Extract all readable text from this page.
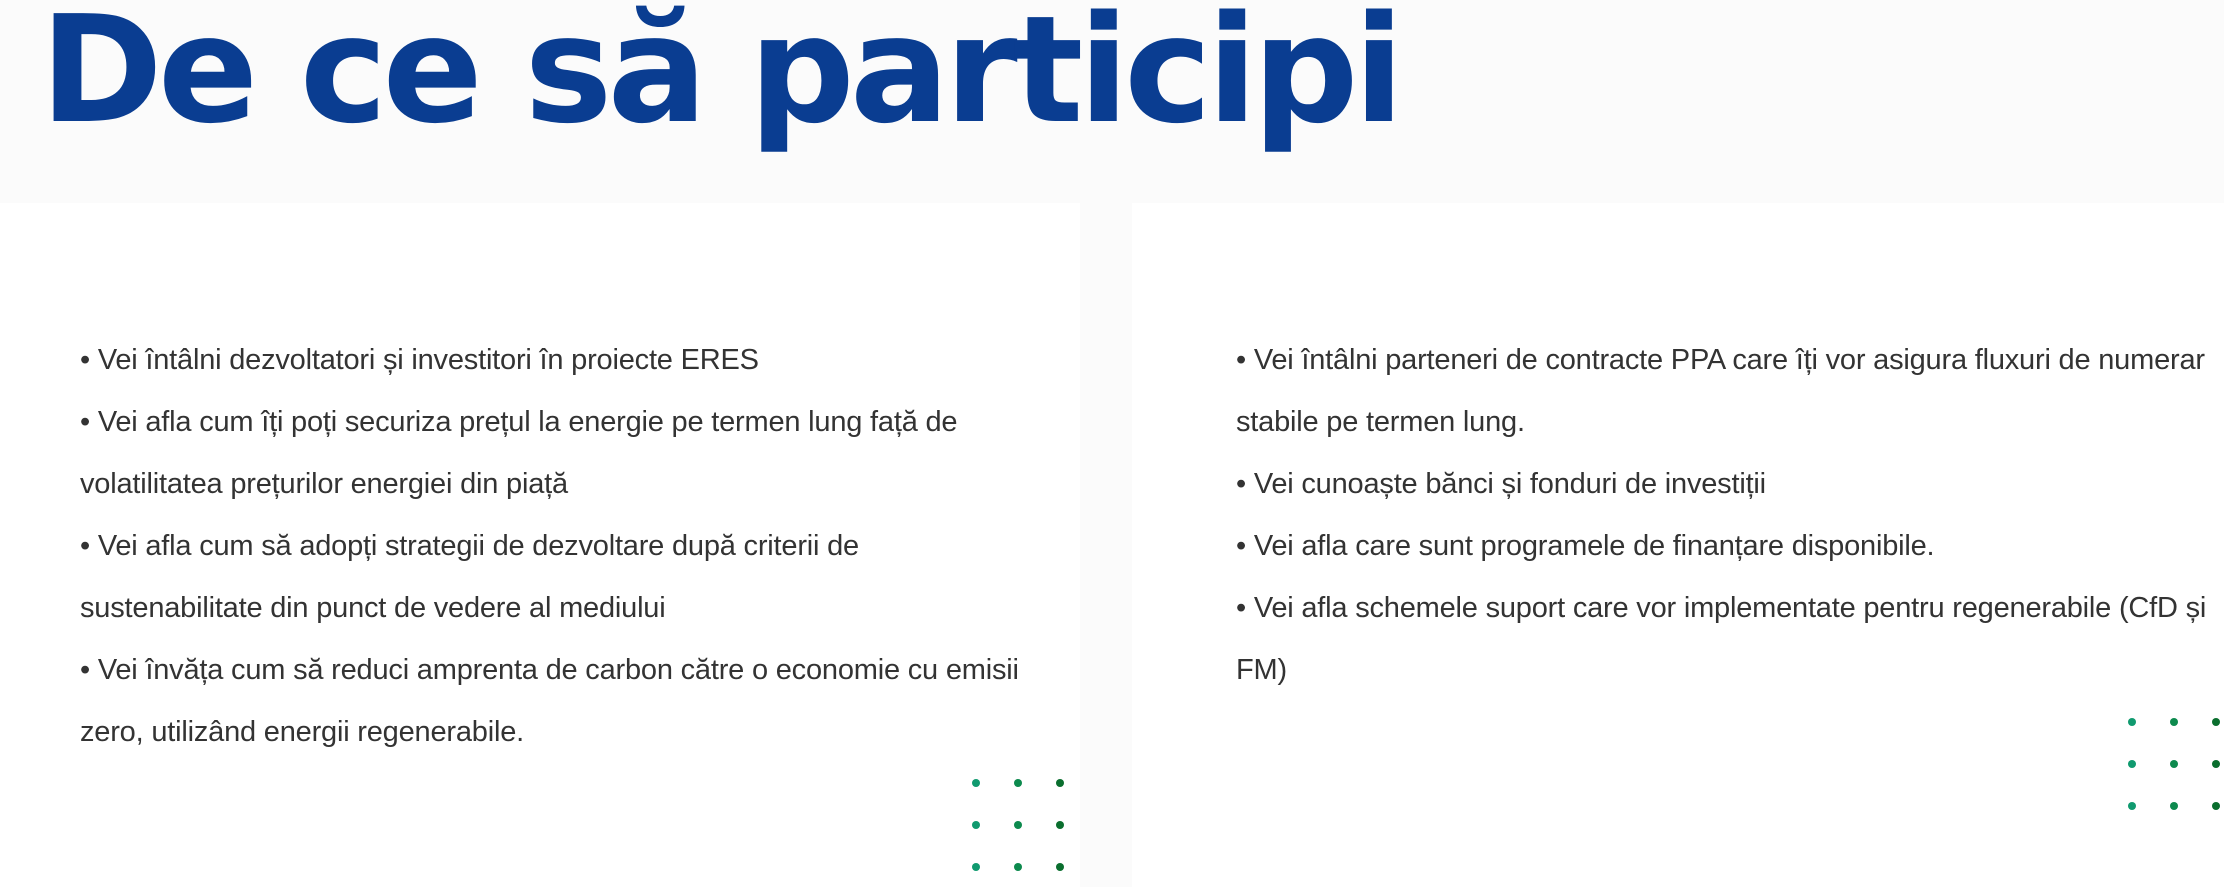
De ce să participi
• Vei întâlni dezvoltatori și investitori în proiecte ERES
• Vei afla cum îți poți securiza prețul la energie pe termen lung față de volatilitatea prețurilor energiei din piață
• Vei afla cum să adopți strategii de dezvoltare după criterii de sustenabilitate din punct de vedere al mediului
• Vei învăța cum să reduci amprenta de carbon către o economie cu emisii zero, utilizând energii regenerabile.
• Vei întâlni parteneri de contracte PPA care îți vor asigura fluxuri de numerar stabile pe termen lung.
• Vei cunoaște bănci și fonduri de investiții
• Vei afla care sunt programele de finanțare disponibile.
• Vei afla schemele suport care vor implementate pentru regenerabile (CfD și FM)
